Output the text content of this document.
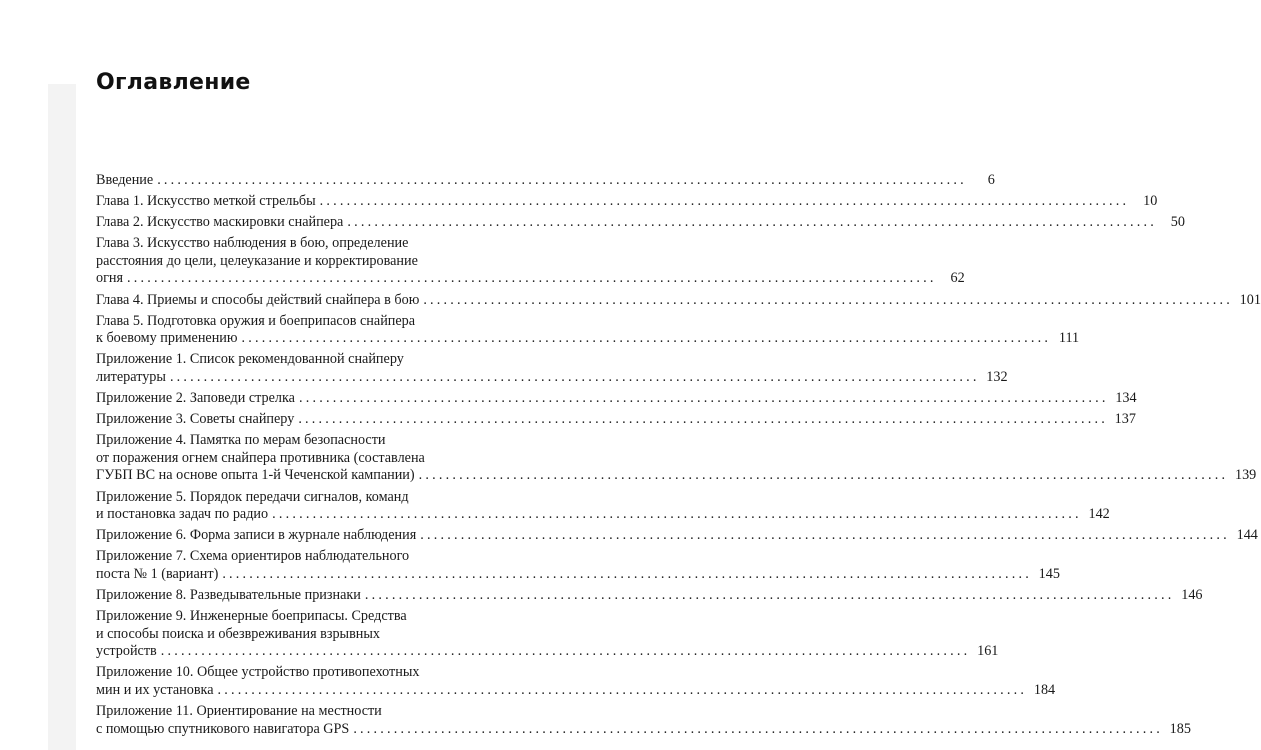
Оглавление
Введение ........................................................................................................................	6
Глава 1. Искусство меткой стрельбы ........................................................................................................................ 10
Глава 2. Искусство маскировки снайпера ........................................................................................................................ 50
Глава 3. Искусство наблюдения в бою, определение
расстояния до цели, целеуказание и корректирование
огня ........................................................................................................................ 62
Глава 4. Приемы и способы действий снайпера в бою ........................................................................................................................ 101
Глава 5. Подготовка оружия и боеприпасов снайпера
к боевому применению ........................................................................................................................ 111
Приложение 1. Список рекомендованной снайперу
литературы ........................................................................................................................ 132
Приложение 2. Заповеди стрелка ........................................................................................................................ 134
Приложение 3. Советы снайперу ........................................................................................................................ 137
Приложение 4. Памятка по мерам безопасности
от поражения огнем снайпера противника (составлена
ГУБП ВС на основе опыта 1-й Чеченской кампании) ........................................................................................................................ 139
Приложение 5. Порядок передачи сигналов, команд
и постановка задач по радио ........................................................................................................................ 142
Приложение 6. Форма записи в журнале наблюдения ........................................................................................................................ 144
Приложение 7. Схема ориентиров наблюдательного
поста № 1 (вариант) ........................................................................................................................ 145
Приложение 8. Разведывательные признаки ........................................................................................................................ 146
Приложение 9. Инженерные боеприпасы. Средства
и способы поиска и обезвреживания взрывных
устройств ........................................................................................................................ 161
Приложение 10. Общее устройство противопехотных
мин и их установка ........................................................................................................................ 184
Приложение 11. Ориентирование на местности
с помощью спутникового навигатора GPS ........................................................................................................................ 185
